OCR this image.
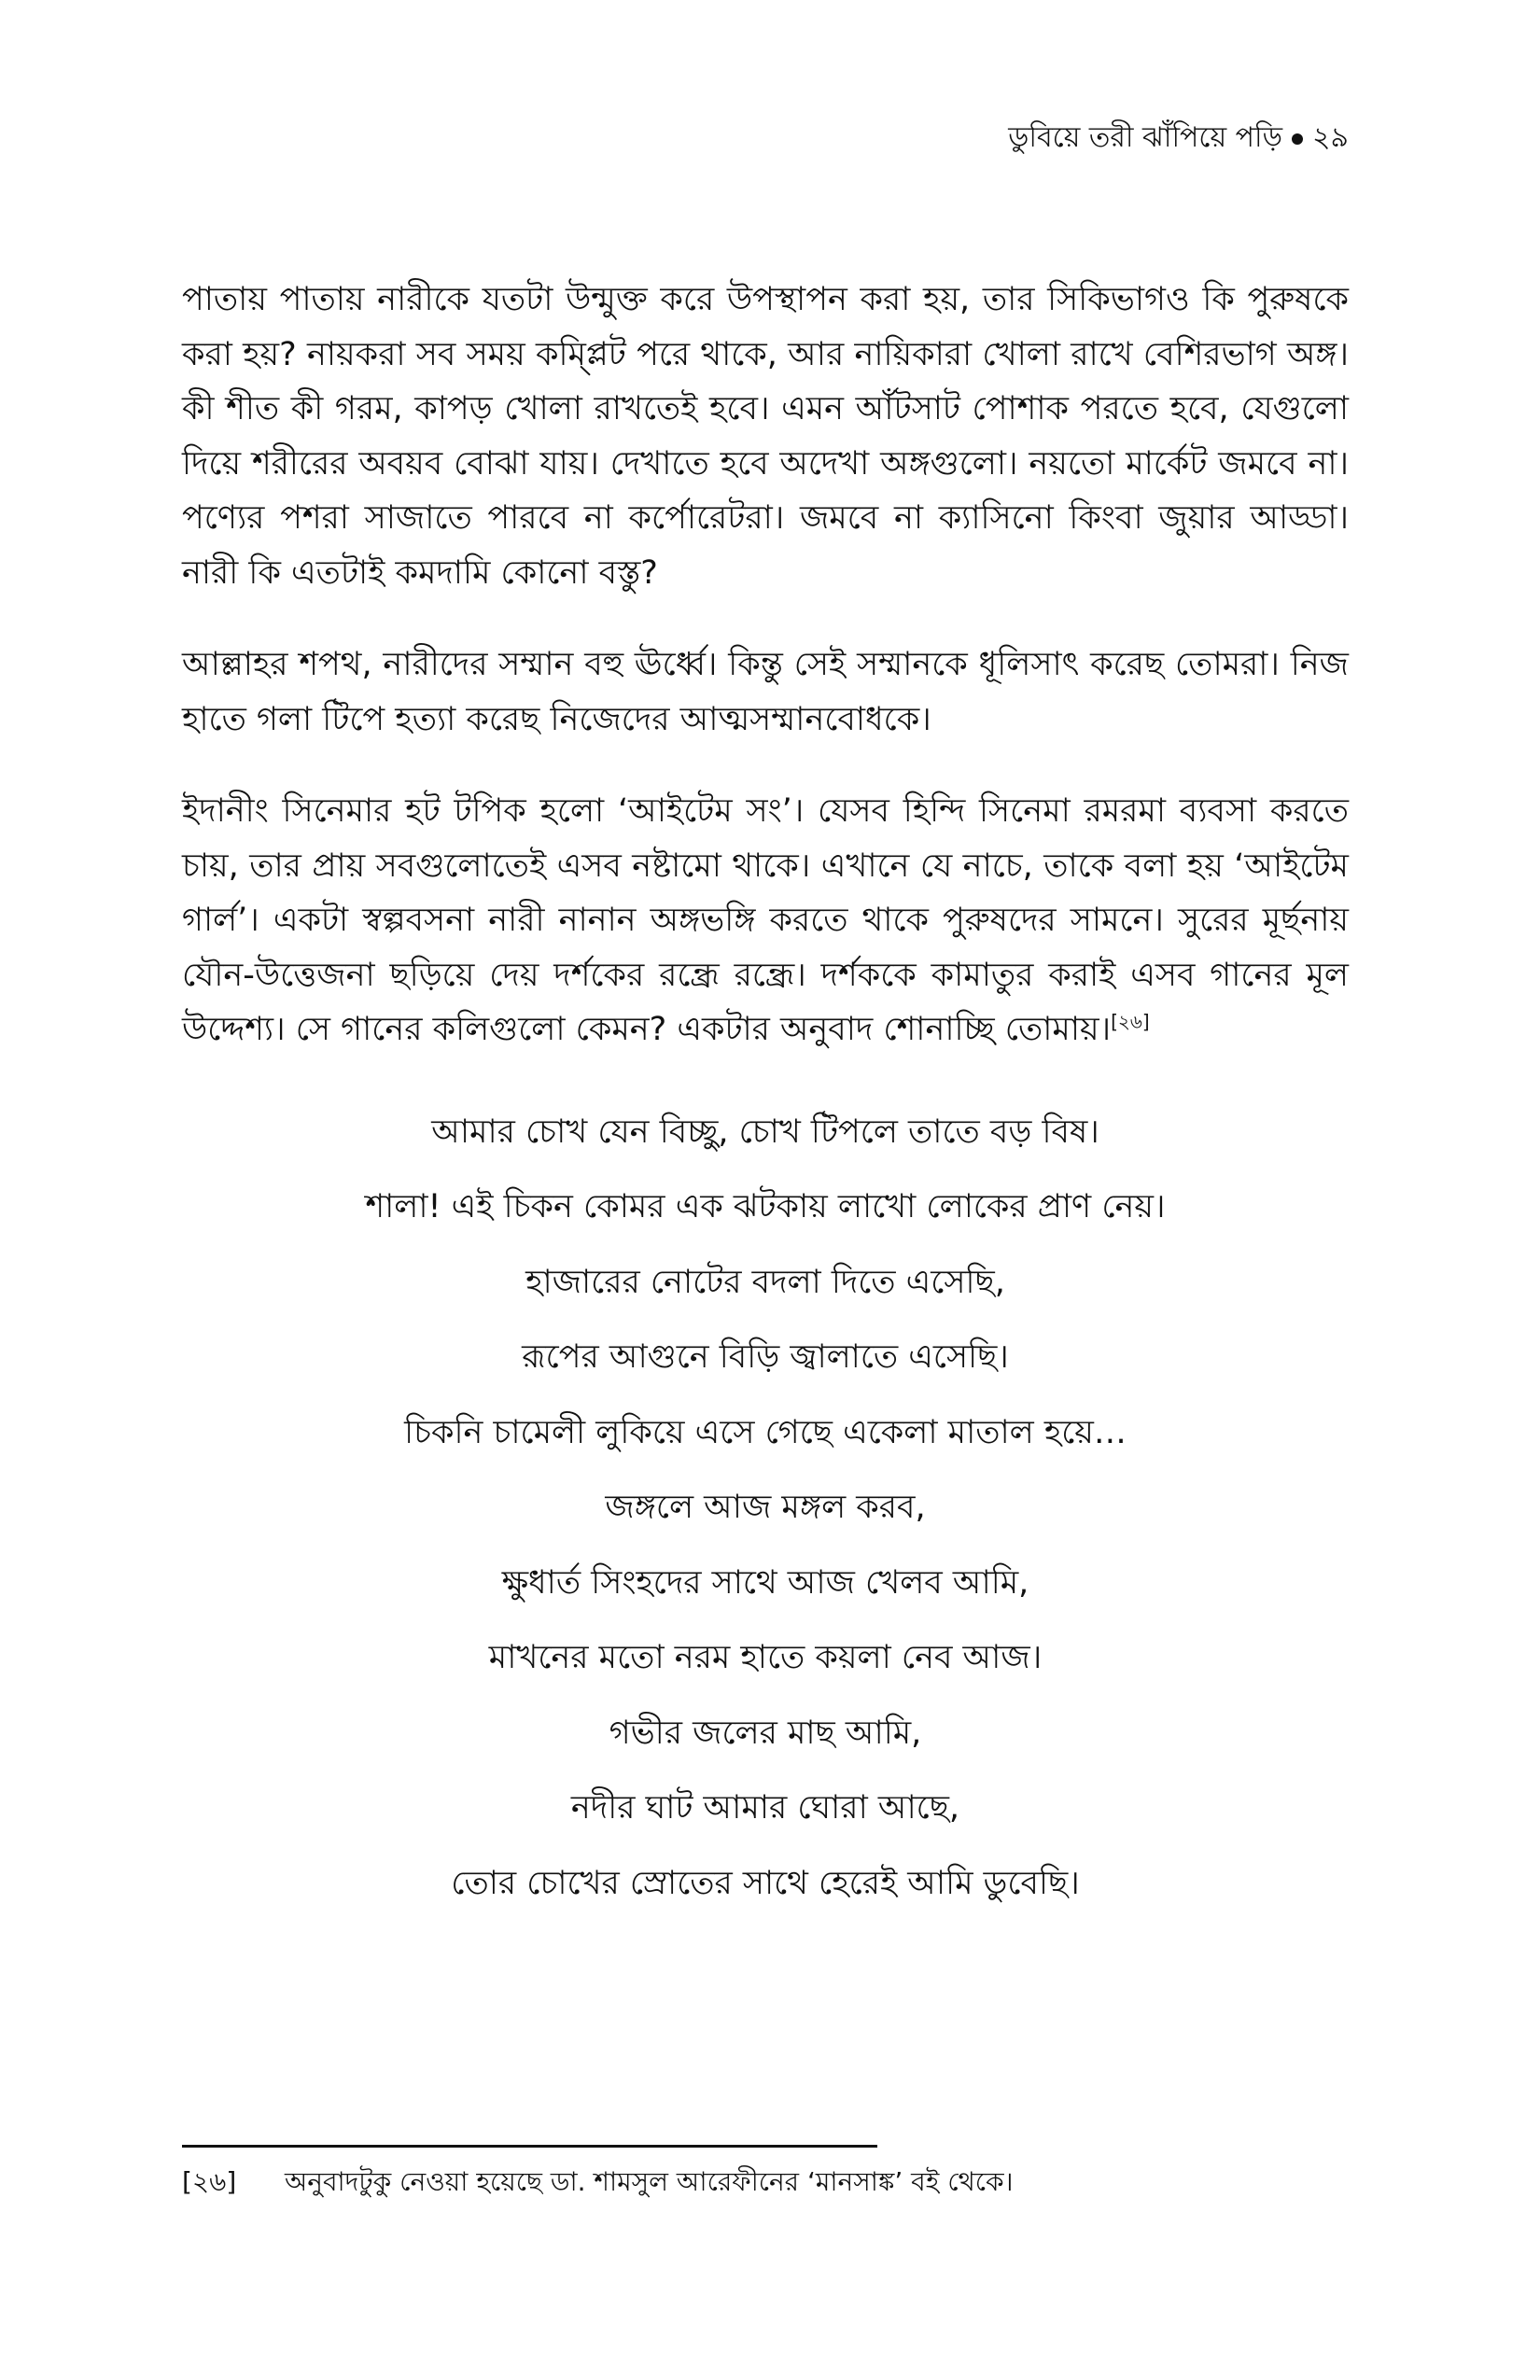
ডুবিয়ে তরী ঝাঁপিয়ে পড়ি ২৯

পাতায় পাতায় নারীকে যতটা উন্মুক্ত করে উপস্থাপন করা হয়, তার সিকিভাগও কি পুরুষকে করা হয়? নায়করা সব সময় কম্প্লিট পরে থাকে, আর নায়িকারা খোলা রাখে বেশিরভাগ অঙ্গ। কী শীত কী গরম, কাপড় খোলা রাখতেই হবে। এমন আঁটসাট পোশাক পরতে হবে, যেগুলো দিয়ে শরীরের অবয়ব বোঝা যায়। দেখাতে হবে অদেখা অঙ্গগুলো। নয়তো মার্কেট জমবে না। পণ্যের পশরা সাজাতে পারবে না কর্পোরেটরা। জমবে না ক্যাসিনো কিংবা জুয়ার আড্ডা। নারী কি এতটাই কমদামি কোনো বস্তু?

আল্লাহর শপথ, নারীদের সম্মান বহু ঊর্ধ্বে। কিন্তু সেই সম্মানকে ধূলিসাৎ করেছ তোমরা। নিজ হাতে গলা টিপে হত্যা করেছ নিজেদের আত্মসম্মানবোধকে।

ইদানীং সিনেমার হট টপিক হলো ‘আইটেম সং’। যেসব হিন্দি সিনেমা রমরমা ব্যবসা করতে চায়, তার প্রায় সবগুলোতেই এসব নষ্টামো থাকে। এখানে যে নাচে, তাকে বলা হয় ‘আইটেম গার্ল’। একটা স্বল্পবসনা নারী নানান অঙ্গভঙ্গি করতে থাকে পুরুষদের সামনে। সুরের মূর্ছনায় যৌন-উত্তেজনা ছড়িয়ে দেয় দর্শকের রন্ধ্রে রন্ধ্রে। দর্শককে কামাতুর করাই এসব গানের মূল উদ্দেশ্য। সে গানের কলিগুলো কেমন? একটার অনুবাদ শোনাচ্ছি তোমায়।[২৬]

আমার চোখ যেন বিচ্ছু, চোখ টিপলে তাতে বড় বিষ।
শালা! এই চিকন কোমর এক ঝটকায় লাখো লোকের প্রাণ নেয়।
হাজারের নোটের বদলা দিতে এসেছি,
রূপের আগুনে বিড়ি জ্বালাতে এসেছি।
চিকনি চামেলী লুকিয়ে এসে গেছে একেলা মাতাল হয়ে…
জঙ্গলে আজ মঙ্গল করব,
ক্ষুধার্ত সিংহদের সাথে আজ খেলব আমি,
মাখনের মতো নরম হাতে কয়লা নেব আজ।
গভীর জলের মাছ আমি,
নদীর ঘাট আমার ঘোরা আছে,
তোর চোখের স্রোতের সাথে হেরেই আমি ডুবেছি।
[২৬] অনুবাদটুকু নেওয়া হয়েছে ডা. শামসুল আরেফীনের ‘মানসাঙ্ক’ বই থেকে।
